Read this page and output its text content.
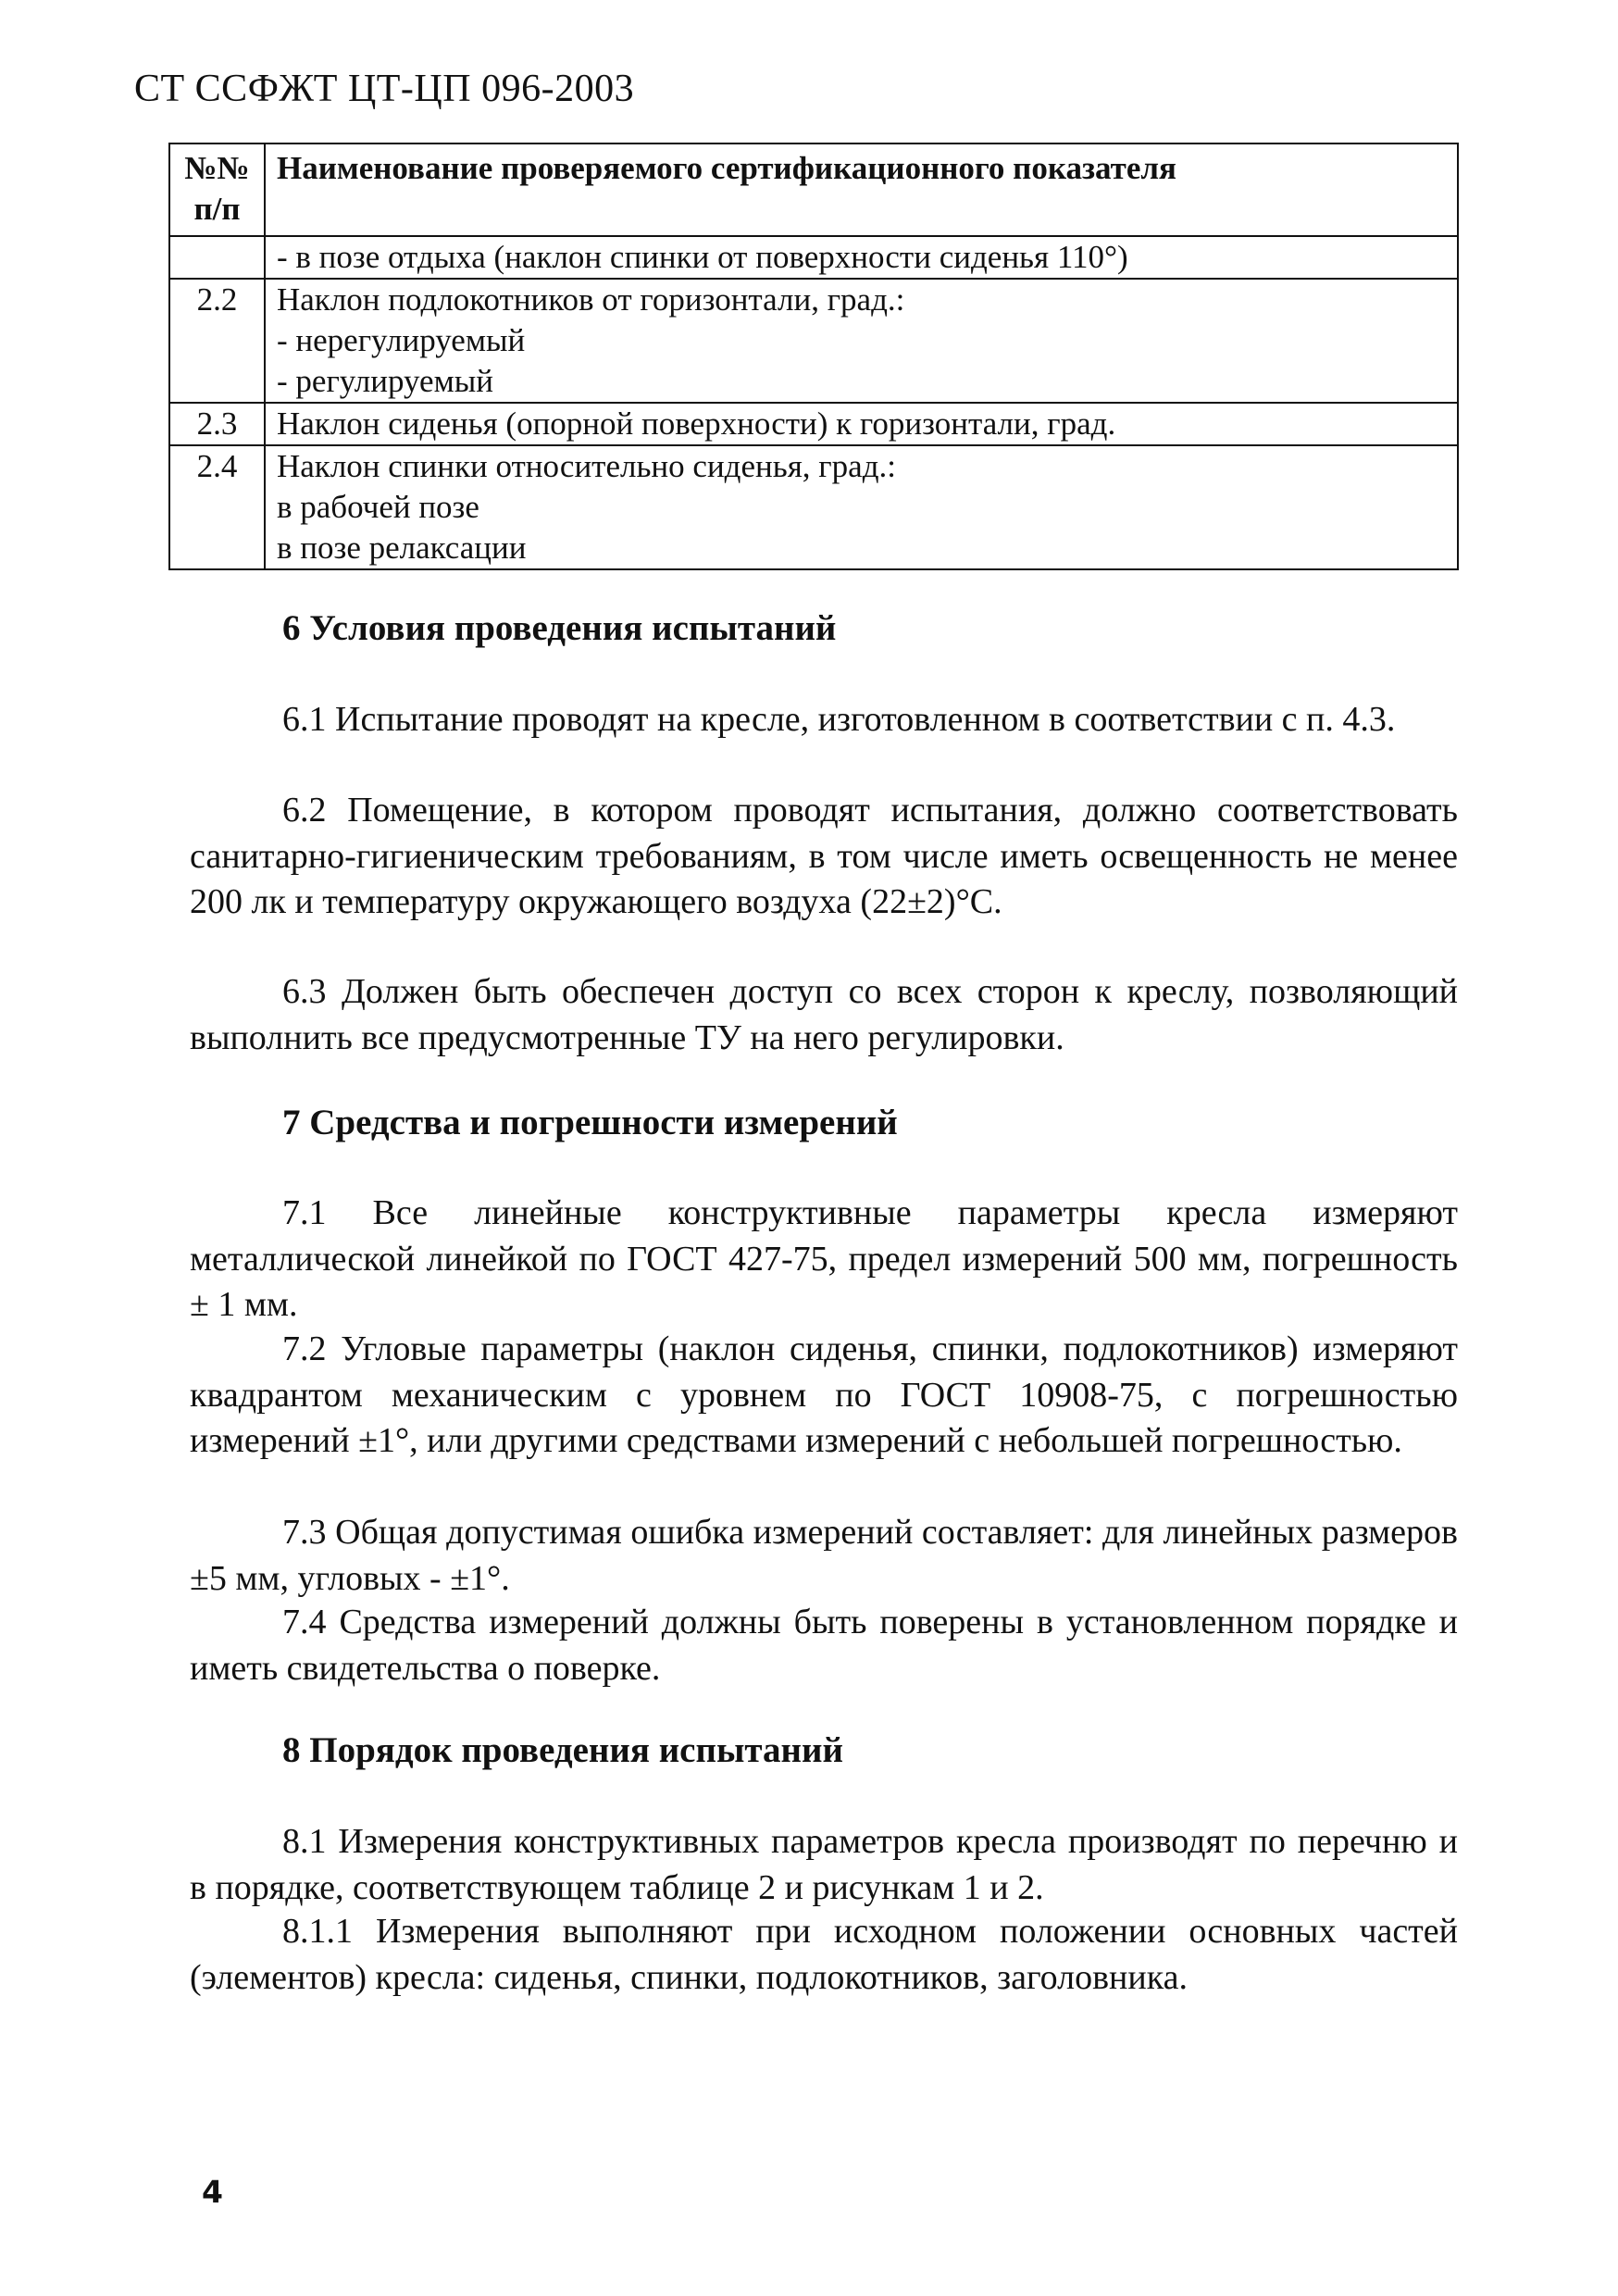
СТ ССФЖТ ЦТ-ЦП 096-2003
№№ п/п	Наименование проверяемого сертификационного показателя

	- в позе отдыха (наклон спинки от поверхности сиденья 110°)

2.2	Наклон подлокотников от горизонтали, град.:
- нерегулируемый
- регулируемый

2.3	Наклон сиденья (опорной поверхности) к горизонтали, град.

2.4	Наклон спинки относительно сиденья, град.:
в рабочей позе
в позе релаксации
6 Условия проведения испытаний
6.1 Испытание проводят на кресле, изготовленном в соответствии с п. 4.3.
6.2 Помещение, в котором проводят испытания, должно соответствовать санитарно-гигиеническим требованиям, в том числе иметь освещенность не менее 200 лк и температуру окружающего воздуха (22±2)°С.
6.3 Должен быть обеспечен доступ со всех сторон к креслу, позволяющий выполнить все предусмотренные ТУ на него регулировки.
7 Средства и погрешности измерений
7.1 Все линейные конструктивные параметры кресла измеряют металлической линейкой по ГОСТ 427-75, предел измерений 500 мм, погрешность ± 1 мм.
7.2 Угловые параметры (наклон сиденья, спинки, подлокотников) измеряют квадрантом механическим с уровнем по ГОСТ 10908-75, с погрешностью измерений ±1°, или другими средствами измерений с небольшей погрешностью.
7.3 Общая допустимая ошибка измерений составляет: для линейных размеров ±5 мм, угловых - ±1°.
7.4 Средства измерений должны быть поверены в установленном порядке и иметь свидетельства о поверке.
8 Порядок проведения испытаний
8.1 Измерения конструктивных параметров кресла производят по перечню и в порядке, соответствующем таблице 2 и рисункам 1 и 2.
8.1.1 Измерения выполняют при исходном положении основных частей (элементов) кресла: сиденья, спинки, подлокотников, заголовника.
4
